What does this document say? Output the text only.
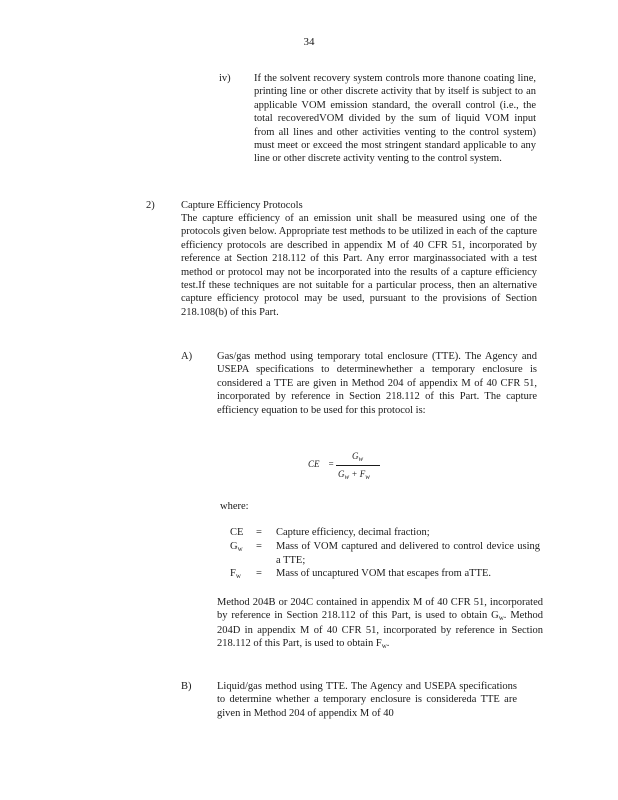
34
iv) If the solvent recovery system controls more thanone coating line, printing line or other discrete activity that by itself is subject to an applicable VOM emission standard, the overall control (i.e., the total recoveredVOM divided by the sum of liquid VOM input from all lines and other activities venting to the control system) must meet or exceed the most stringent standard applicable to any line or other discrete activity venting to the control system.
2)	Capture Efficiency Protocols
The capture efficiency of an emission unit shall be measured using one of the protocols given below. Appropriate test methods to be utilized in each of the capture efficiency protocols are described in appendix M of 40 CFR 51, incorporated by reference at Section 218.112 of this Part. Any error marginassociated with a test method or protocol may not be incorporated into the results of a capture efficiency test.If these techniques are not suitable for a particular process, then an alternative capture efficiency protocol may be used, pursuant to the provisions of Section 218.108(b) of this Part.
A) Gas/gas method using temporary total enclosure (TTE). The Agency and USEPA specifications to determinewhether a temporary enclosure is considered a TTE are given in Method 204 of appendix M of 40 CFR 51, incorporated by reference in Section 218.112 of this Part. The capture efficiency equation to be used for this protocol is:
CE =
$G_w$
$G_w + F_w$
where:
CE	=	Capture efficiency, decimal fraction;
Gw	=	Mass of VOM captured and delivered to control device using a TTE;
Fw	=	Mass of uncaptured VOM that escapes from aTTE.
Method 204B or 204C contained in appendix M of 40 CFR 51, incorporated by reference in Section 218.112 of this Part, is used to obtain Gw. Method 204D in appendix M of 40 CFR 51, incorporated by reference in Section 218.112 of this Part, is used to obtain Fw.
B) Liquid/gas method using TTE. The Agency and USEPA specifications to determine whether a temporary enclosure is considereda TTE are given in Method 204 of appendix M of 40
